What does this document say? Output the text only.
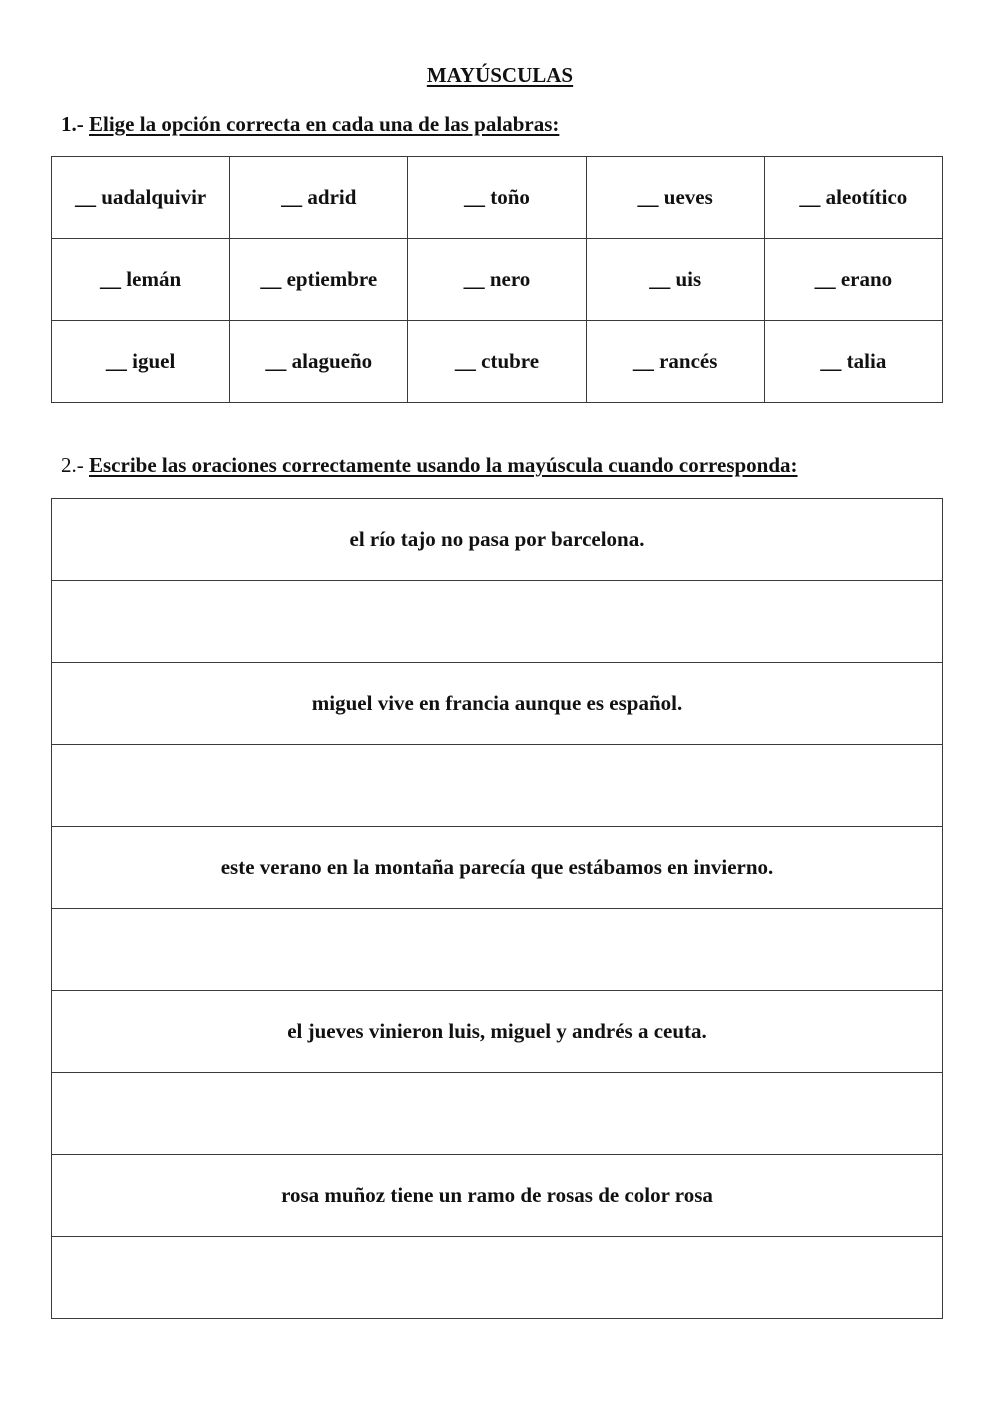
MAYÚSCULAS
1.- Elige la opción correcta en cada una de las palabras:
__ uadalquivir	__ adrid	__ toño	__ ueves	__ aleotítico
__ lemán	__ eptiembre	__ nero	__ uis	__ erano
__ iguel	__ alagueño	__ ctubre	__ rancés	__ talia
2.- Escribe las oraciones correctamente usando la mayúscula cuando corresponda:
el río tajo no pasa por barcelona.

miguel vive en francia aunque es español.

este verano en la montaña parecía que estábamos en invierno.

el jueves vinieron luis, miguel y andrés a ceuta.

rosa muñoz tiene un ramo de rosas de color rosa
